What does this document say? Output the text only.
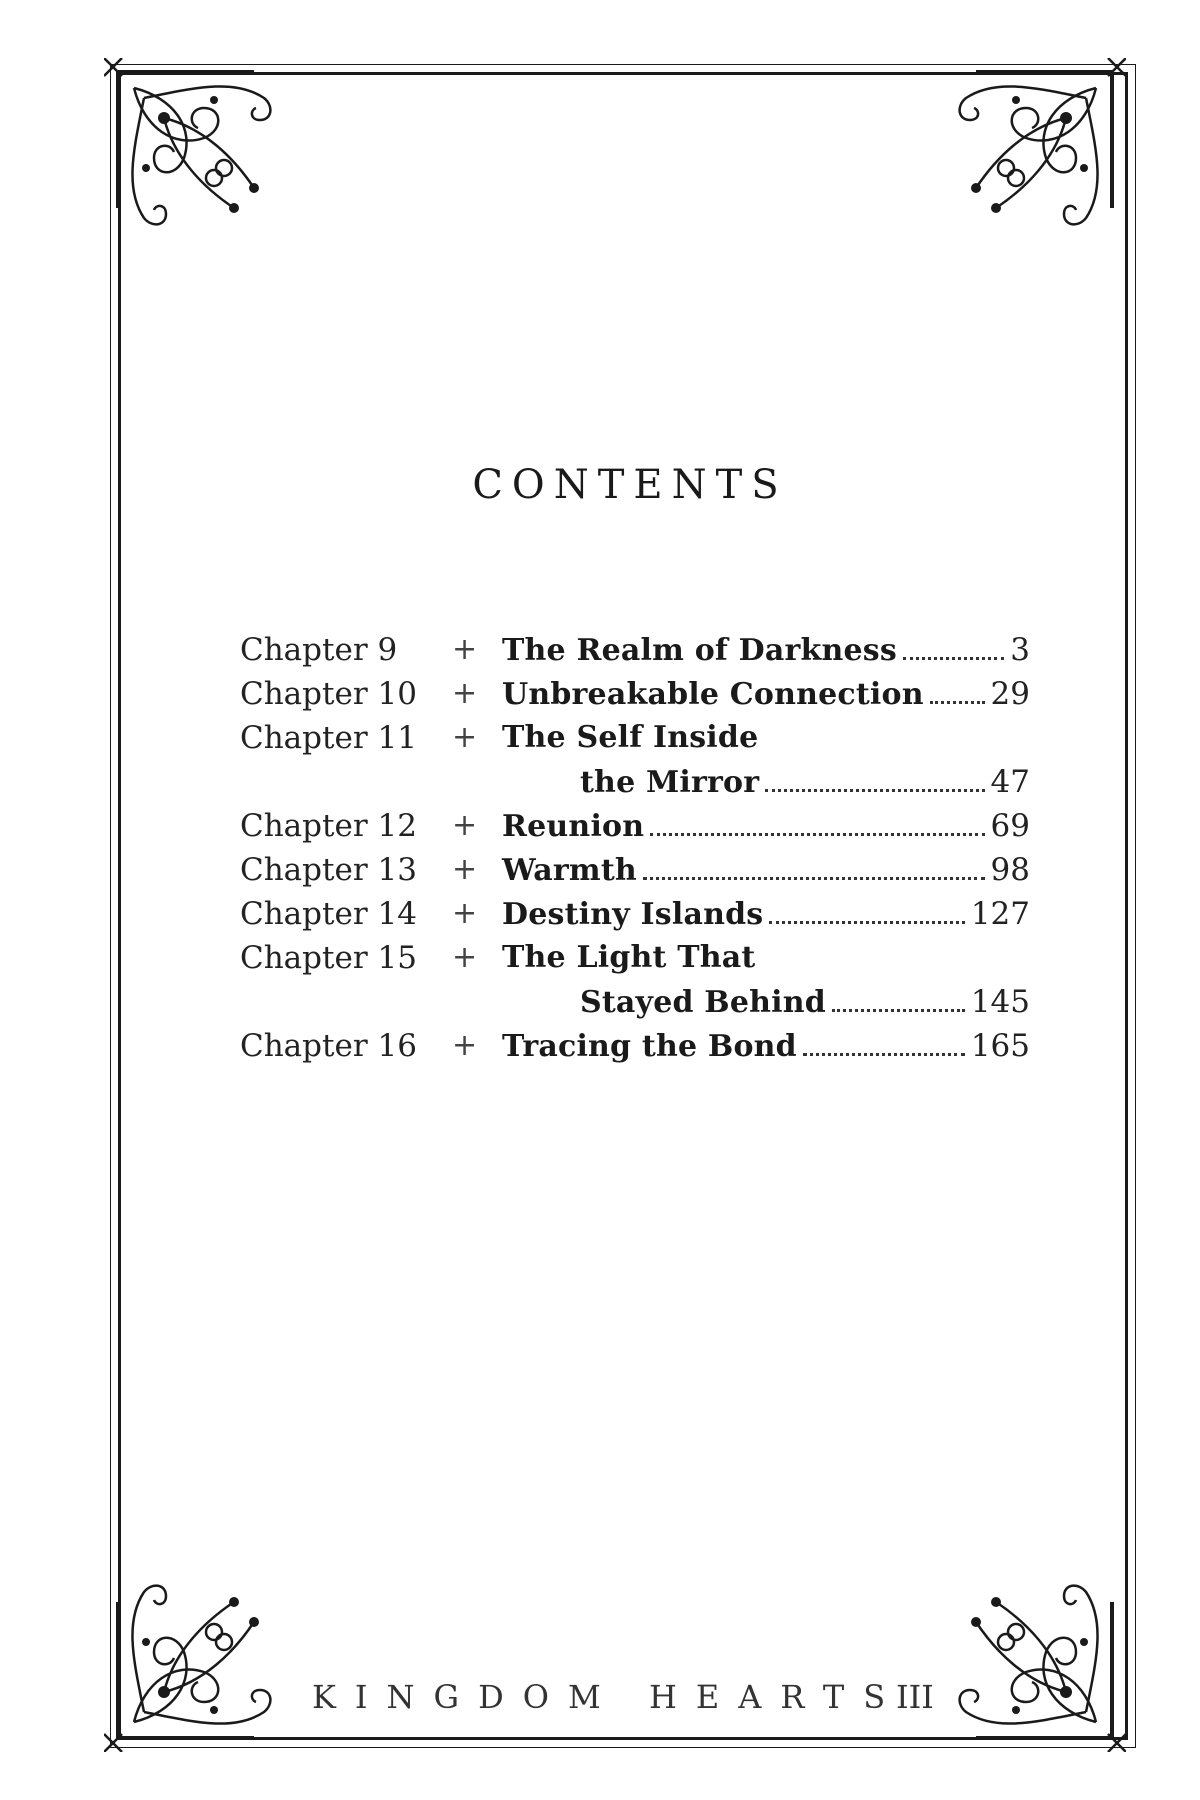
CONTENTS
Chapter 9 + The Realm of Darkness	3
Chapter 10 + Unbreakable Connection 29
Chapter 11 + The Self Inside
the Mirror	47
Chapter 12 + Reunion	69
Chapter 13 + Warmth	98
Chapter 14 + Destiny Islands	127
Chapter 15 + The Light That
Stayed Behind	145
Chapter 16 + Tracing the Bond	165
KINGDOM HEARTS
III
